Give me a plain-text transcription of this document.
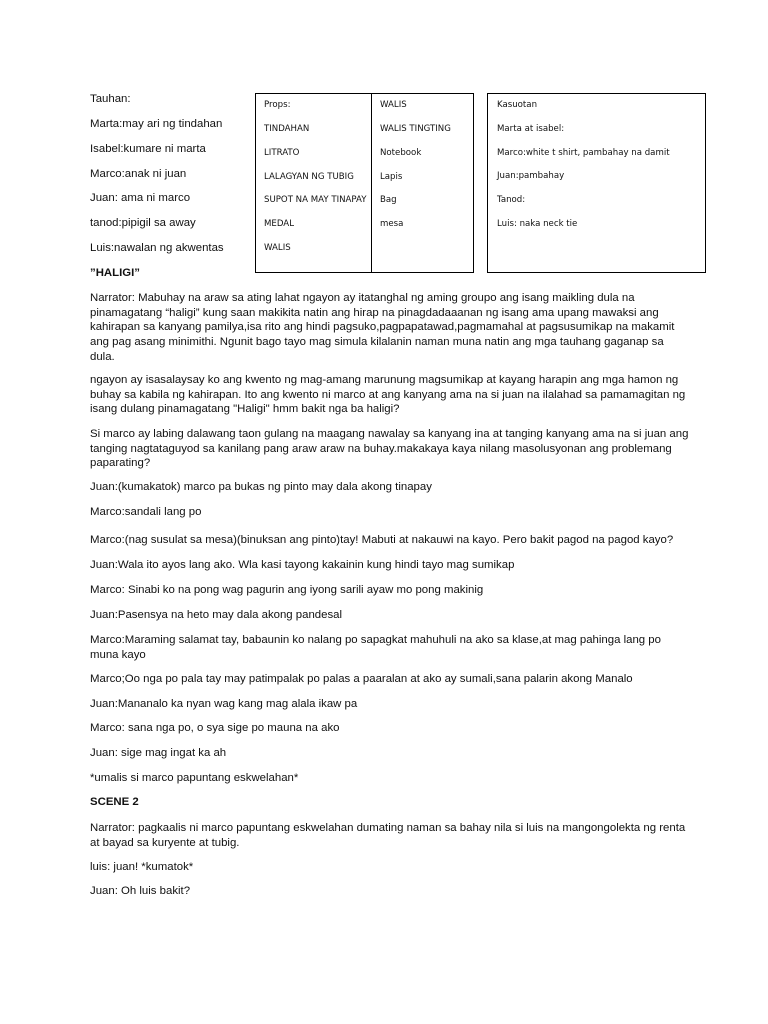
Tauhan:

Marta:may ari ng tindahan

Isabel:kumare ni marta

Marco:anak ni juan

Juan: ama ni marco

tanod:pipigil sa away

Luis:nawalan ng akwentas

Props:
TINDAHAN
LITRATO
LALAGYAN NG TUBIG
SUPOT NA MAY TINAPAY
MEDAL
WALIS
WALIS
WALIS TINGTING
Notebook
Lapis
Bag
mesa
Kasuotan
Marta at isabel:
Marco:white t shirt, pambahay na damit
Juan:pambahay
Tanod:
Luis: naka neck tie

”HALIGI”

Narrator: Mabuhay na araw sa ating lahat ngayon ay itatanghal ng aming groupo ang isang maikling dula na pinamagatang “haligi” kung saan makikita natin ang hirap na pinagdadaaanan ng isang ama upang mawaksi ang kahirapan sa kanyang pamilya,isa rito ang hindi pagsuko,pagpapatawad,pagmamahal at pagsusumikap na makamit ang pag asang minimithi. Ngunit bago tayo mag simula kilalanin naman muna natin ang mga tauhang gaganap sa dula.

ngayon ay isasalaysay ko ang kwento ng mag-amang marunung magsumikap at kayang harapin ang mga hamon ng buhay sa kabila ng kahirapan. Ito ang kwento ni marco at ang kanyang ama na si juan na ilalahad sa pamamagitan ng isang dulang pinamagatang "Haligi" hmm bakit nga ba haligi?

Si marco ay labing dalawang taon gulang na maagang nawalay sa kanyang ina at tanging kanyang ama na si juan ang tanging nagtataguyod sa kanilang pang araw araw na buhay.makakaya kaya nilang masolusyonan ang problemang paparating?

Juan:(kumakatok) marco pa bukas ng pinto may dala akong tinapay

Marco:sandali lang po

Marco:(nag susulat sa mesa)(binuksan ang pinto)tay! Mabuti at nakauwi na kayo. Pero bakit pagod na pagod kayo?

Juan:Wala ito ayos lang ako. Wla kasi tayong kakainin kung hindi tayo mag sumikap

Marco: Sinabi ko na pong wag pagurin ang iyong sarili ayaw mo pong makinig

Juan:Pasensya na heto may dala akong pandesal

Marco:Maraming salamat tay, babaunin ko nalang po sapagkat mahuhuli na ako sa klase,at mag pahinga lang po muna kayo

Marco;Oo nga po pala tay may patimpalak po palas a paaralan at ako ay sumali,sana palarin akong Manalo

Juan:Mananalo ka nyan wag kang mag alala ikaw pa

Marco: sana nga po, o sya sige po mauna na ako

Juan: sige mag ingat ka ah

*umalis si marco papuntang eskwelahan*

SCENE 2

Narrator: pagkaalis ni marco papuntang eskwelahan dumating naman sa bahay nila si luis na mangongolekta ng renta at bayad sa kuryente at tubig.

luis: juan! *kumatok*

Juan: Oh luis bakit?
